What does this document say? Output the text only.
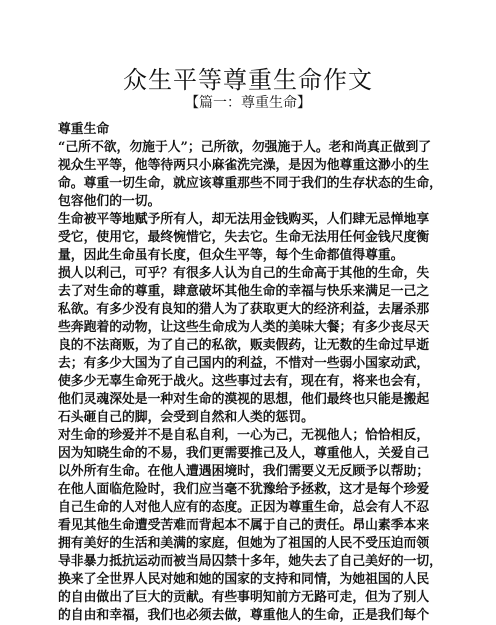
众生平等尊重生命作文
【篇一：尊重生命】
尊重生命
“己所不欲，勿施于人”；己所欲，勿强施于人。老和尚真正做到了
视众生平等，他等待两只小麻雀洗完澡，是因为他尊重这渺小的生
命。尊重一切生命，就应该尊重那些不同于我们的生存状态的生命，
包容他们的一切。
生命被平等地赋予所有人，却无法用金钱购买，人们肆无忌惮地享
受它，使用它，最终惋惜它，失去它。生命无法用任何金钱尺度衡
量，因此生命虽有长度，但众生平等，每个生命都值得尊重。
损人以利己，可乎？有很多人认为自己的生命高于其他的生命，失
去了对生命的尊重，肆意破坏其他生命的幸福与快乐来满足一己之
私欲。有多少没有良知的猎人为了获取更大的经济利益，去屠杀那
些奔跑着的动物，让这些生命成为人类的美味大餐；有多少丧尽天
良的不法商贩，为了自己的私欲，贩卖假药，让无数的生命过早逝
去；有多少大国为了自己国内的利益，不惜对一些弱小国家动武，
使多少无辜生命死于战火。这些事过去有，现在有，将来也会有，
他们灵魂深处是一种对生命的漠视的思想，他们最终也只能是搬起
石头砸自己的脚，会受到自然和人类的惩罚。
对生命的珍爱并不是自私自利，一心为己，无视他人；恰恰相反，
因为知晓生命的不易，我们更需要推己及人，尊重他人，关爱自己
以外所有生命。在他人遭遇困境时，我们需要义无反顾予以帮助；
在他人面临危险时，我们应当毫不犹豫给予拯救，这才是每个珍爱
自己生命的人对他人应有的态度。正因为尊重生命，总会有人不忍
看见其他生命遭受苦难而背起本不属于自己的责任。昂山素季本来
拥有美好的生活和美满的家庭，但她为了祖国的人民不受压迫而领
导非暴力抵抗运动而被当局囚禁十多年，她失去了自己美好的一切，
换来了全世界人民对她和她的国家的支持和同情，为她祖国的人民
的自由做出了巨大的贡献。有些事明知前方无路可走，但为了别人
的自由和幸福，我们也必须去做，尊重他人的生命，正是我们每个
